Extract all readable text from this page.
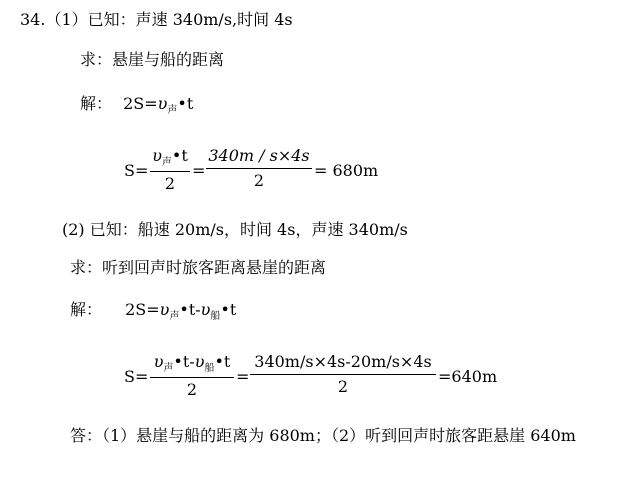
34.（1）已知：声速 340m/s,时间 4s
求：悬崖与船的距离
解： $2S=\upsilon_声•t$
S=
$\upsilon_声•t$
2
=
340m / s×4s
2
= 680m
(2) 已知：船速 20m/s，时间 4s，声速 340m/s
求：听到回声时旅客距离悬崖的距离
解： $2S=\upsilon_声•t-\upsilon_船•t$
S=
$\upsilon_声•t-\upsilon_船•t$
2
=
340m/s×4s-20m/s×4s
2
=640m
答：（1）悬崖与船的距离为 680m；（2）听到回声时旅客距悬崖 640m
